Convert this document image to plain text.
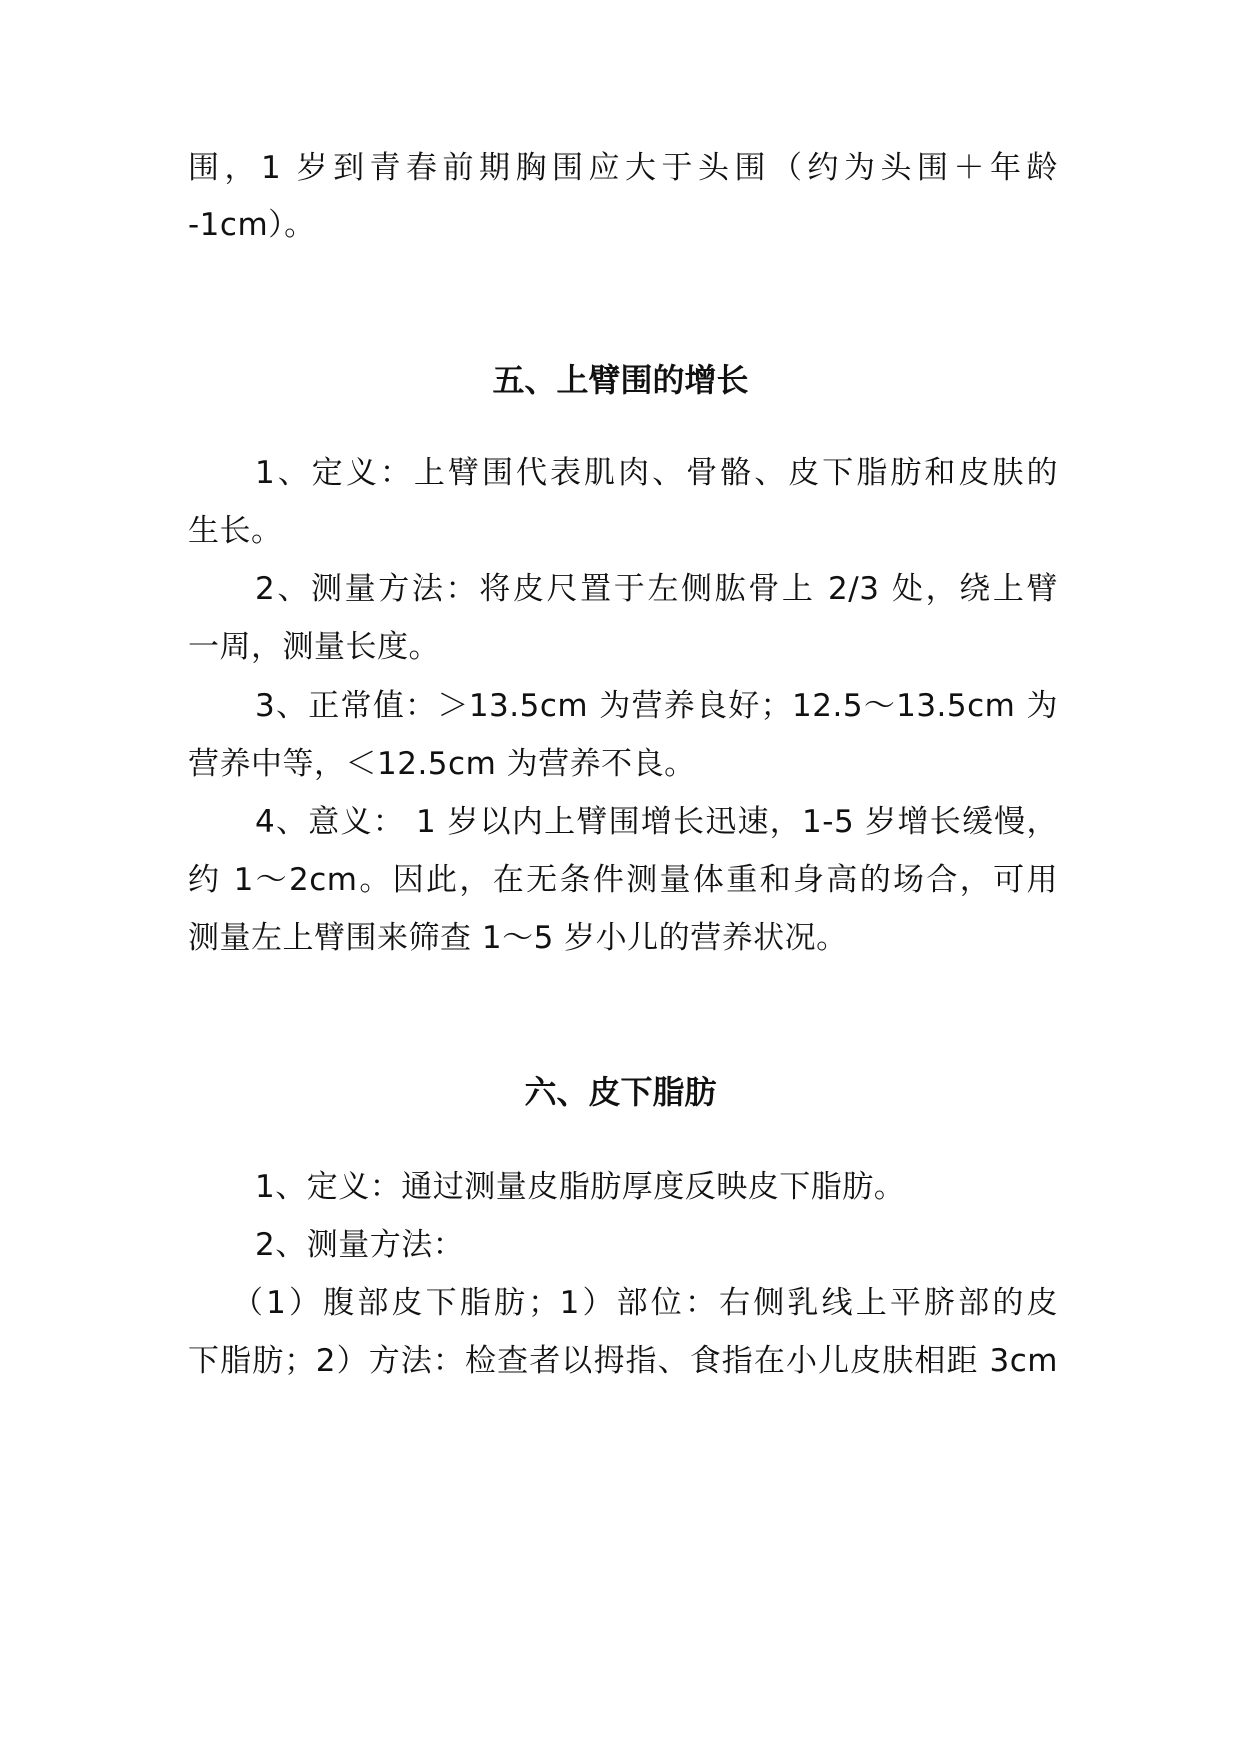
围，1 岁到青春前期胸围应大于头围（约为头围＋年龄
-1cm）。
五、上臂围的增长
1、定义：上臂围代表肌肉、骨骼、皮下脂肪和皮肤的
生长。
2、测量方法：将皮尺置于左侧肱骨上 2/3 处，绕上臂
一周，测量长度。
3、正常值：＞13.5cm 为营养良好；12.5～13.5cm 为
营养中等，＜12.5cm 为营养不良。
4、意义： 1 岁以内上臂围增长迅速，1-5 岁增长缓慢，
约 1～2cm。因此，在无条件测量体重和身高的场合，可用
测量左上臂围来筛查 1～5 岁小儿的营养状况。
六、皮下脂肪
1、定义：通过测量皮脂肪厚度反映皮下脂肪。
2、测量方法：
（1）腹部皮下脂肪；1）部位：右侧乳线上平脐部的皮
下脂肪；2）方法：检查者以拇指、食指在小儿皮肤相距 3cm
